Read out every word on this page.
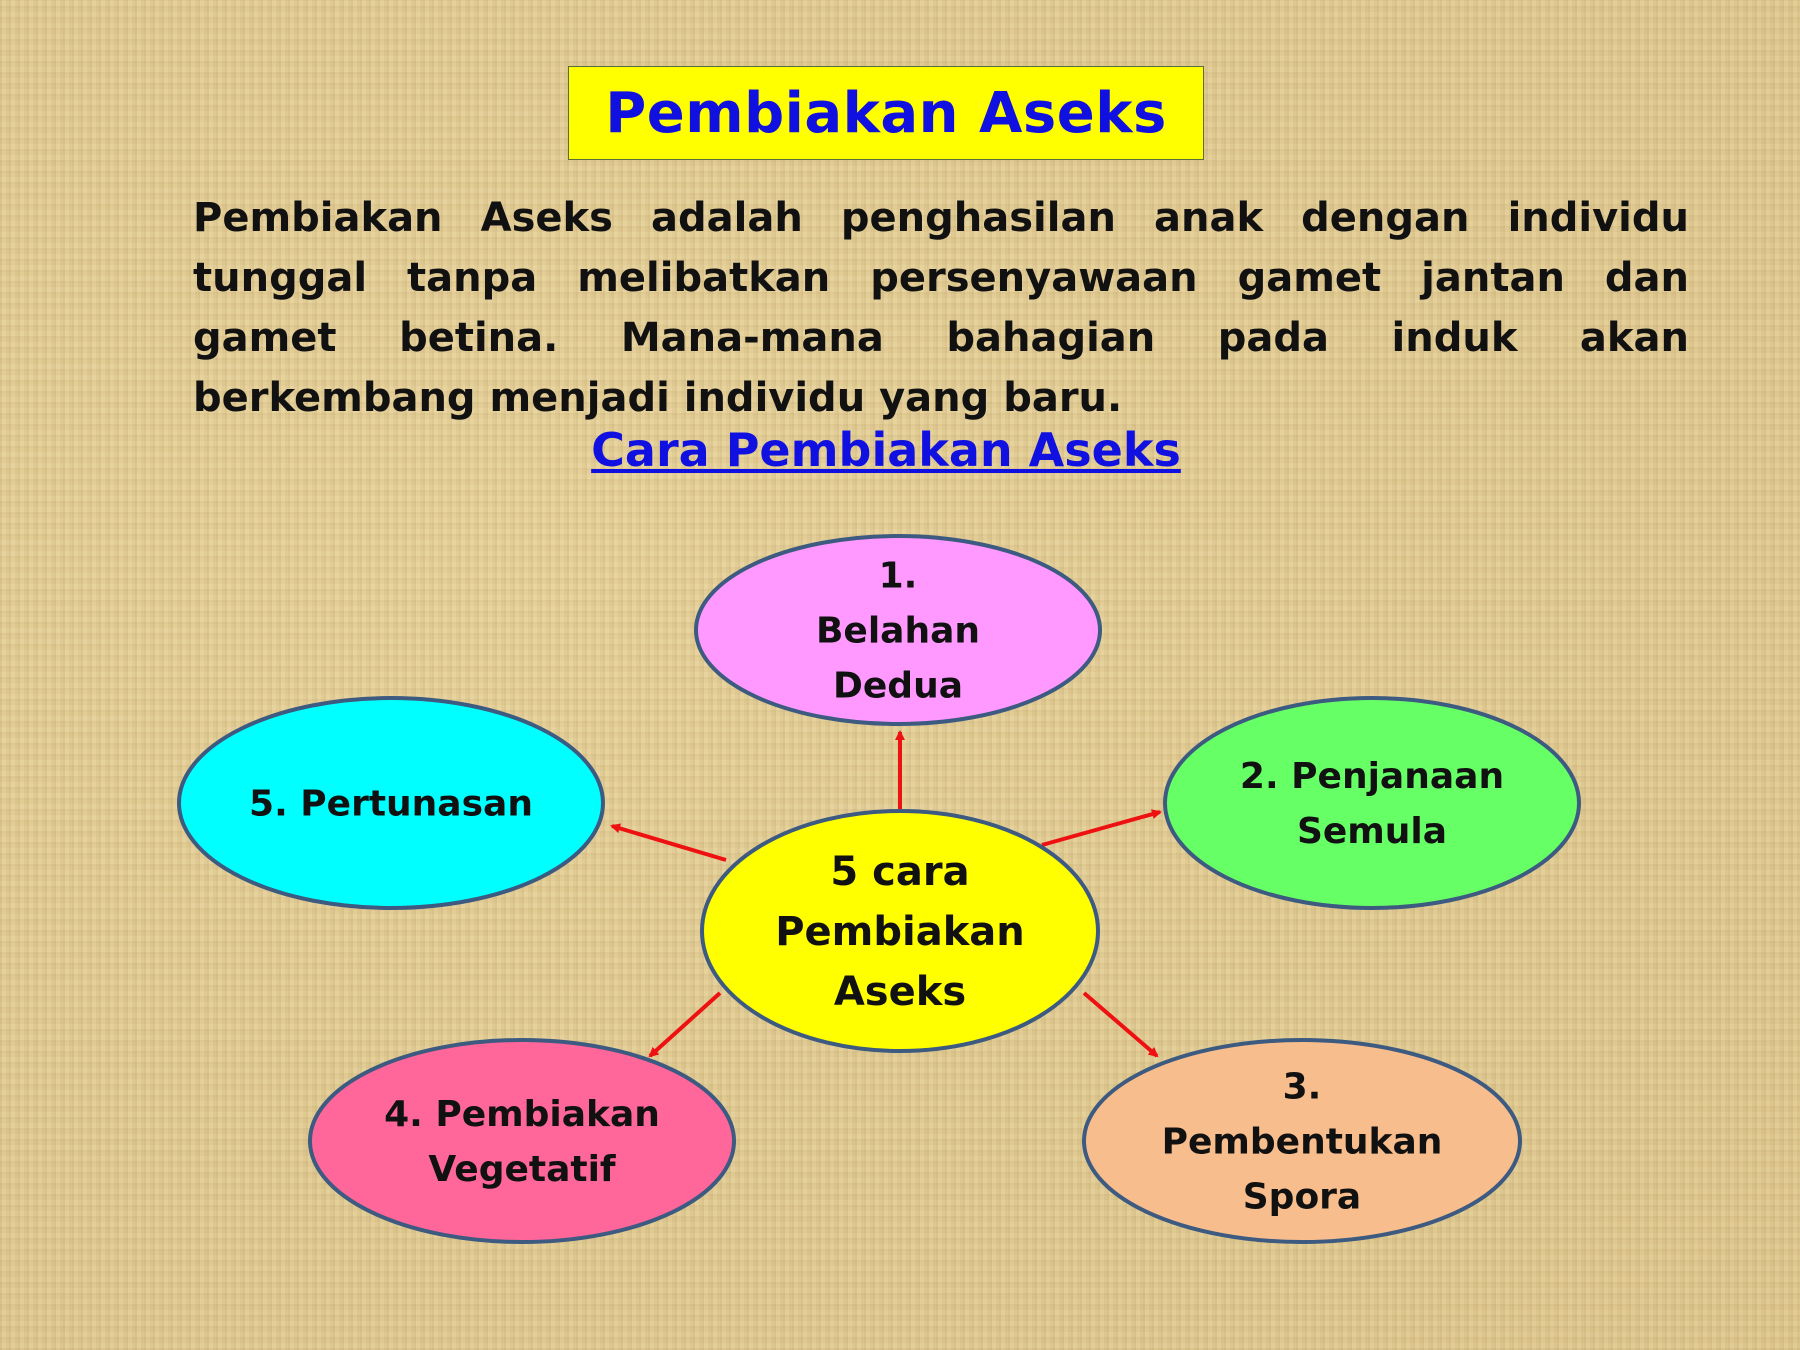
Pembiakan Aseks

Pembiakan Aseks adalah penghasilan anak dengan individu tunggal tanpa melibatkan persenyawaan gamet jantan dan gamet betina. Mana-mana bahagian pada induk akan berkembang menjadi individu yang baru.

Cara Pembiakan Aseks
5 cara
Pembiakan
Aseks
1.
Belahan
Dedua
2. Penjanaan
Semula
3.
Pembentukan
Spora
4. Pembiakan
Vegetatif
5. Pertunasan
